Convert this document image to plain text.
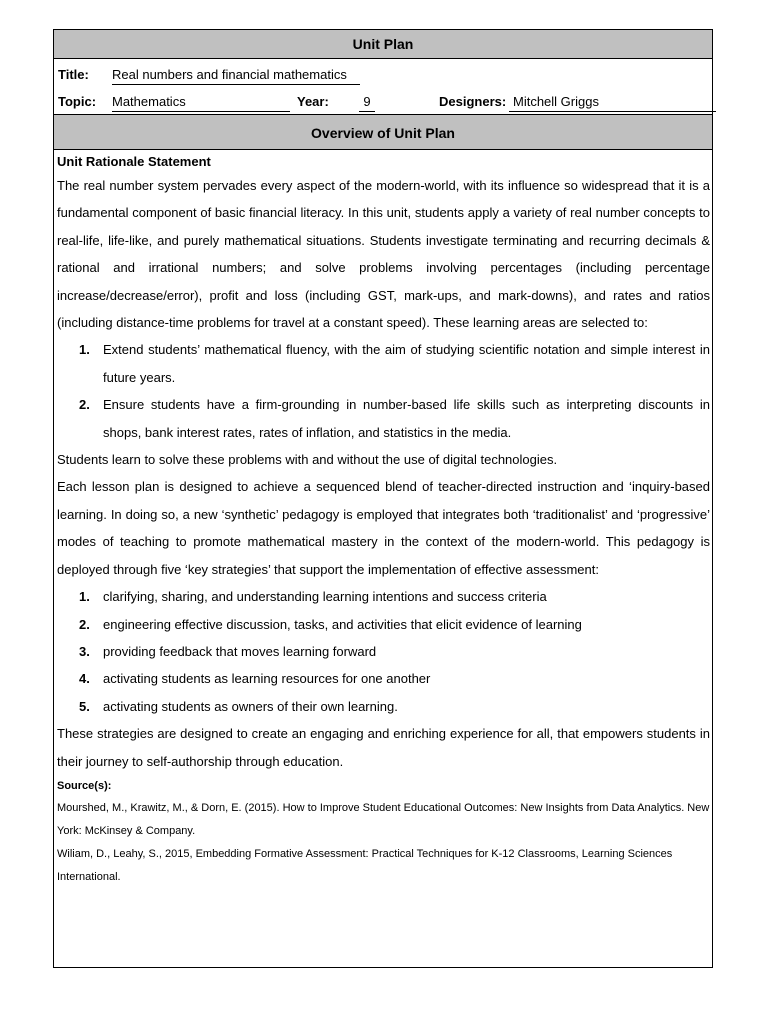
Unit Plan
Title: Real numbers and financial mathematics
Topic: Mathematics	Year:	9	Designers: Mitchell Griggs
Overview of Unit Plan
Unit Rationale Statement

The real number system pervades every aspect of the modern-world, with its influence so widespread that it is a fundamental component of basic financial literacy. In this unit, students apply a variety of real number concepts to real-life, life-like, and purely mathematical situations. Students investigate terminating and recurring decimals & rational and irrational numbers; and solve problems involving percentages (including percentage increase/decrease/error), profit and loss (including GST, mark-ups, and mark-downs), and rates and ratios (including distance-time problems for travel at a constant speed). These learning areas are selected to:

1.	Extend students’ mathematical fluency, with the aim of studying scientific notation and simple interest in future years.
2.	Ensure students have a firm-grounding in number-based life skills such as interpreting discounts in shops, bank interest rates, rates of inflation, and statistics in the media.

Students learn to solve these problems with and without the use of digital technologies.

Each lesson plan is designed to achieve a sequenced blend of teacher-directed instruction and ‘inquiry-based learning. In doing so, a new ‘synthetic’ pedagogy is employed that integrates both ‘traditionalist’ and ‘progressive’ modes of teaching to promote mathematical mastery in the context of the modern-world. This pedagogy is deployed through five ‘key strategies’ that support the implementation of effective assessment:

1.	clarifying, sharing, and understanding learning intentions and success criteria
2.	engineering effective discussion, tasks, and activities that elicit evidence of learning
3.	providing feedback that moves learning forward
4.	activating students as learning resources for one another
5.	activating students as owners of their own learning.

These strategies are designed to create an engaging and enriching experience for all, that empowers students in their journey to self-authorship through education.

Source(s):

Mourshed, M., Krawitz, M., & Dorn, E. (2015). How to Improve Student Educational Outcomes: New Insights from Data Analytics. New York: McKinsey & Company.

Wiliam, D., Leahy, S., 2015, Embedding Formative Assessment: Practical Techniques for K-12 Classrooms, Learning Sciences International.
